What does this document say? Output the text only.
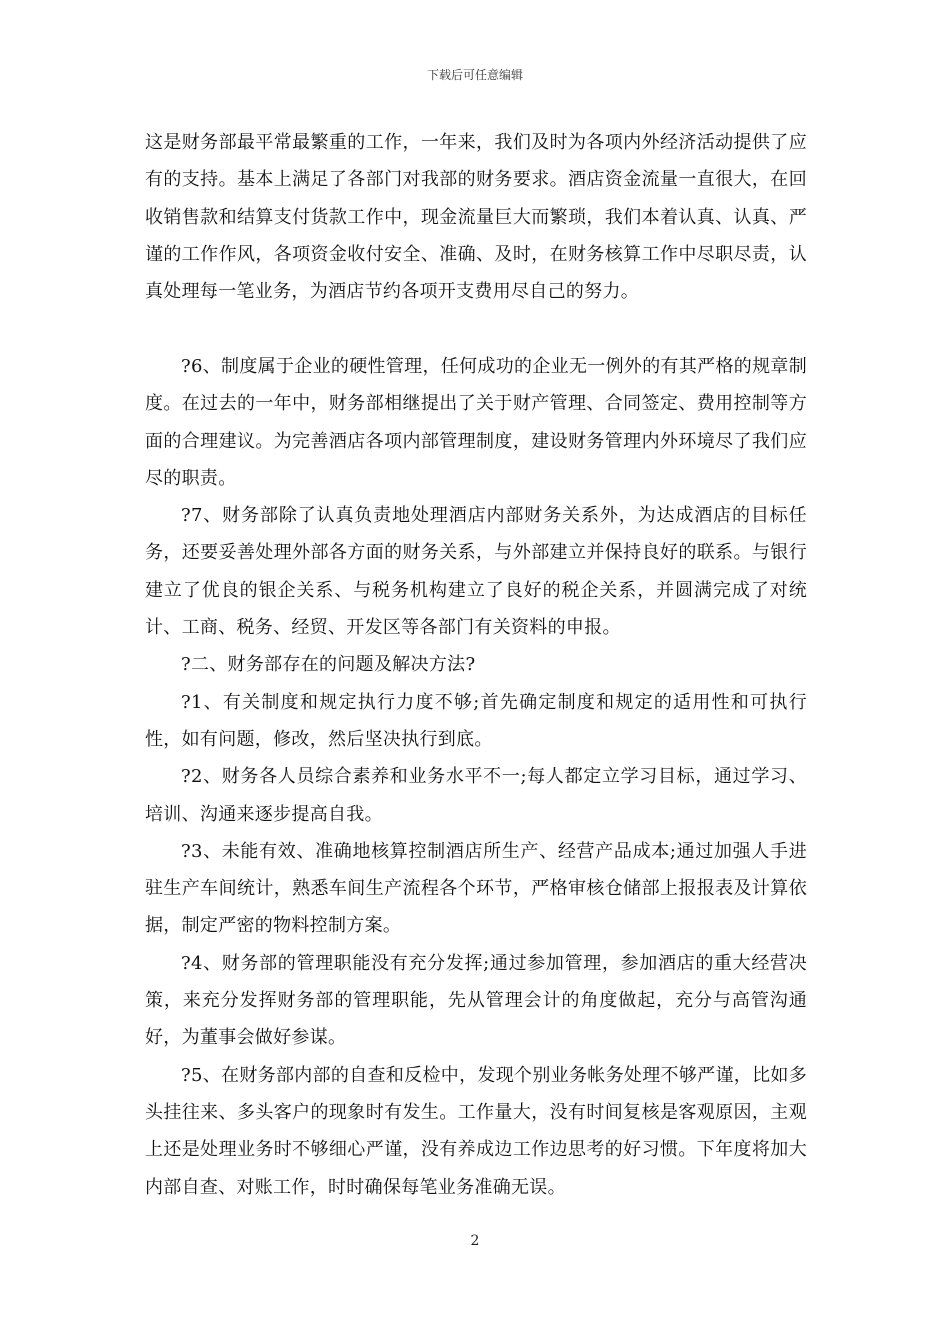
下载后可任意编辑

这是财务部最平常最繁重的工作，一年来，我们及时为各项内外经济活动提供了应有的支持。基本上满足了各部门对我部的财务要求。酒店资金流量一直很大，在回收销售款和结算支付货款工作中，现金流量巨大而繁琐，我们本着认真、认真、严谨的工作作风，各项资金收付安全、准确、及时，在财务核算工作中尽职尽责，认真处理每一笔业务，为酒店节约各项开支费用尽自己的努力。

?6、制度属于企业的硬性管理，任何成功的企业无一例外的有其严格的规章制度。在过去的一年中，财务部相继提出了关于财产管理、合同签定、费用控制等方面的合理建议。为完善酒店各项内部管理制度，建设财务管理内外环境尽了我们应尽的职责。

?7、财务部除了认真负责地处理酒店内部财务关系外，为达成酒店的目标任务，还要妥善处理外部各方面的财务关系，与外部建立并保持良好的联系。与银行建立了优良的银企关系、与税务机构建立了良好的税企关系，并圆满完成了对统计、工商、税务、经贸、开发区等各部门有关资料的申报。

?二、财务部存在的问题及解决方法?

?1、有关制度和规定执行力度不够;首先确定制度和规定的适用性和可执行性，如有问题，修改，然后坚决执行到底。

?2、财务各人员综合素养和业务水平不一;每人都定立学习目标，通过学习、培训、沟通来逐步提高自我。

?3、未能有效、准确地核算控制酒店所生产、经营产品成本;通过加强人手进驻生产车间统计，熟悉车间生产流程各个环节，严格审核仓储部上报报表及计算依据，制定严密的物料控制方案。

?4、财务部的管理职能没有充分发挥;通过参加管理，参加酒店的重大经营决策，来充分发挥财务部的管理职能，先从管理会计的角度做起，充分与高管沟通好，为董事会做好参谋。

?5、在财务部内部的自查和反检中，发现个别业务帐务处理不够严谨，比如多头挂往来、多头客户的现象时有发生。工作量大，没有时间复核是客观原因，主观上还是处理业务时不够细心严谨，没有养成边工作边思考的好习惯。下年度将加大内部自查、对账工作，时时确保每笔业务准确无误。

2
